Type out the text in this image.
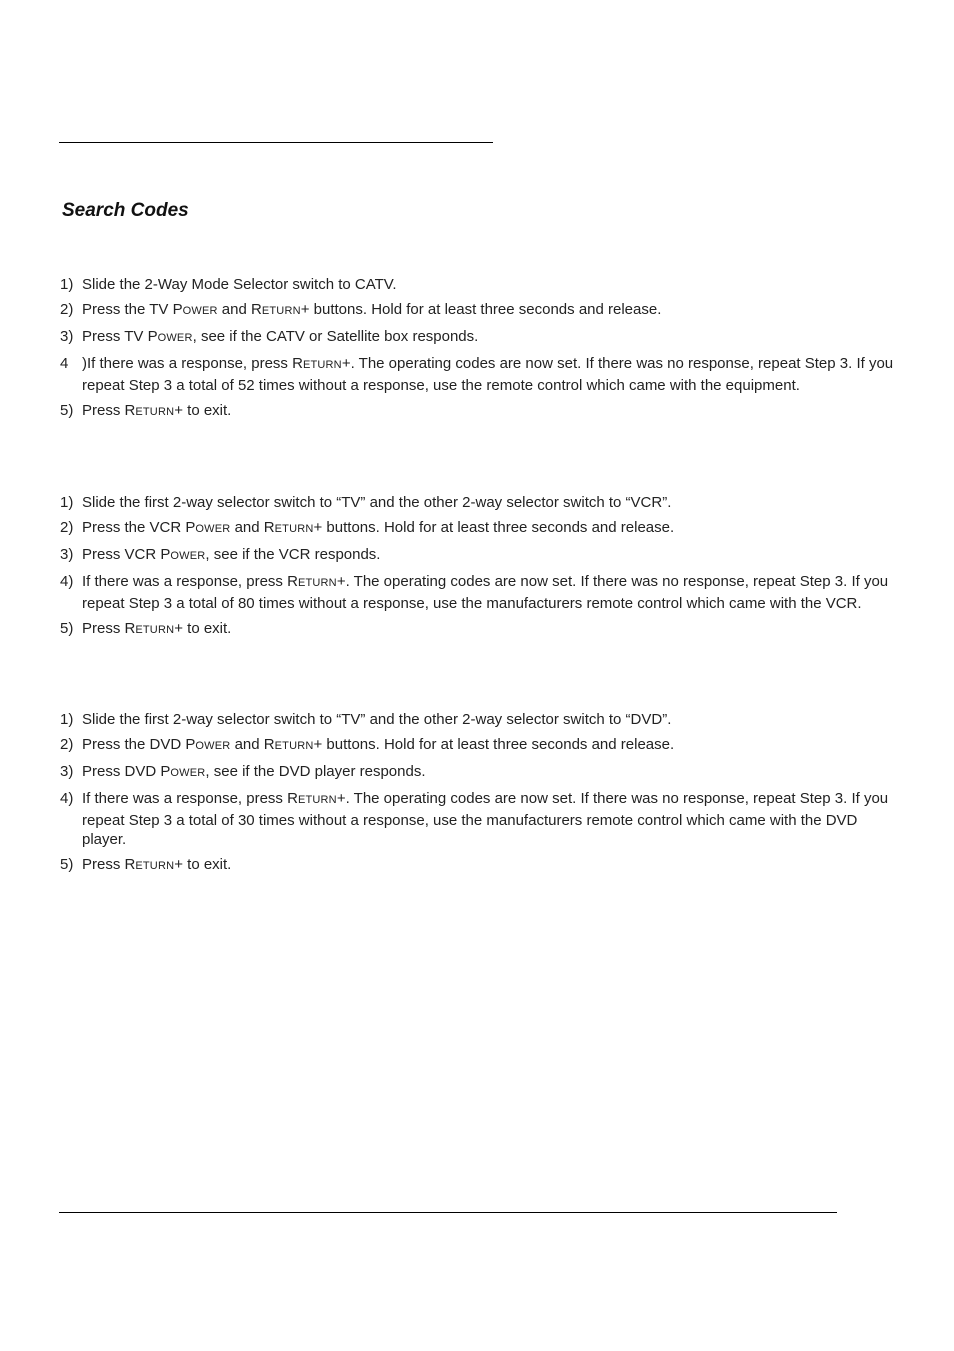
Search Codes
1) Slide the 2-Way Mode Selector switch to CATV.
2) Press the TV POWER and RETURN+ buttons. Hold for at least three seconds and release.
3) Press TV POWER, see if the CATV or Satellite box responds.
4 )If there was a response, press RETURN+. The operating codes are now set. If there was no response, repeat Step 3. If you repeat Step 3 a total of 52 times without a response, use the remote control which came with the equipment.
5) Press RETURN+ to exit.
1) Slide the first 2-way selector switch to “TV” and the other 2-way selector switch to “VCR”.
2) Press the VCR POWER and RETURN+ buttons. Hold for at least three seconds and release.
3) Press VCR POWER, see if the VCR responds.
4) If there was a response, press RETURN+. The operating codes are now set. If there was no response, repeat Step 3. If you repeat Step 3 a total of 80 times without a response, use the manufacturers remote control which came with the VCR.
5) Press RETURN+ to exit.
1) Slide the first 2-way selector switch to “TV” and the other 2-way selector switch to “DVD”.
2) Press the DVD POWER and RETURN+ buttons. Hold for at least three seconds and release.
3) Press DVD POWER, see if the DVD player responds.
4) If there was a response, press RETURN+. The operating codes are now set. If there was no response, repeat Step 3. If you repeat Step 3 a total of 30 times without a response, use the manufacturers remote control which came with the DVD player.
5) Press RETURN+ to exit.
